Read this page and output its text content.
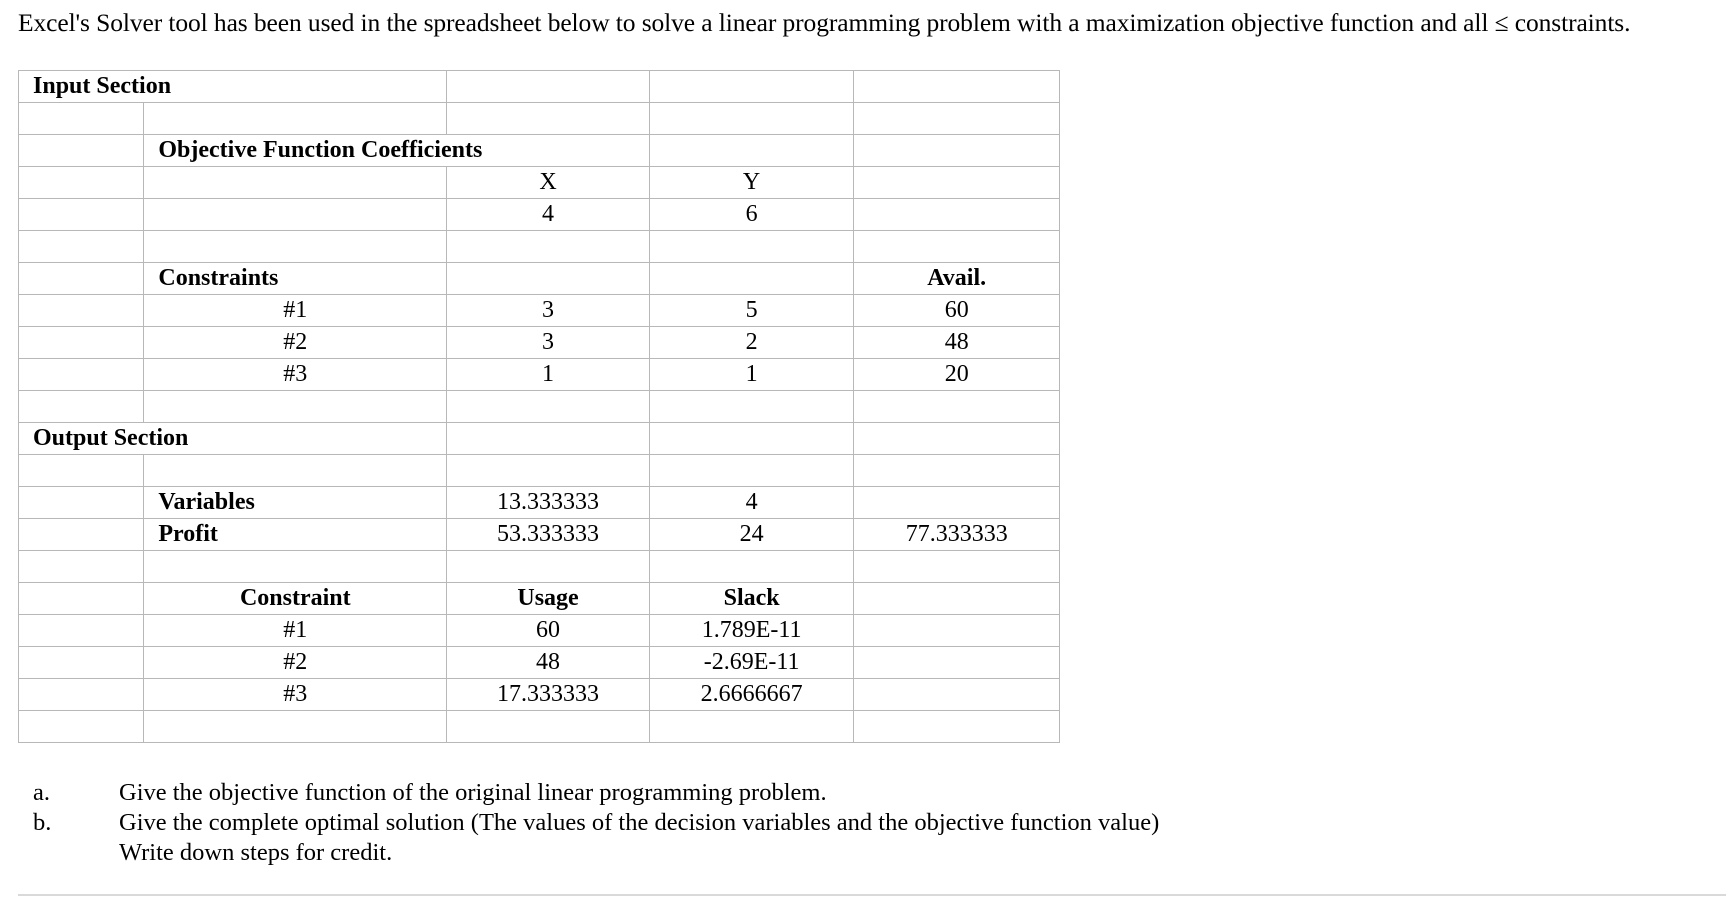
Excel's Solver tool has been used in the spreadsheet below to solve a linear programming problem with a maximization objective function and all ≤ constraints.
Input Section				

	Objective Function Coefficients			
		X	Y	
		4	6	

	Constraints			Avail.
	#1	3	5	60
	#2	3	2	48
	#3	1	1	20

Output Section				

	Variables	13.333333	4	
	Profit	53.333333	24	77.333333

	Constraint	Usage	Slack	
	#1	60	1.789E-11	
	#2	48	-2.69E-11	
	#3	17.333333	2.6666667	

a.	Give the objective function of the original linear programming problem.
b.	Give the complete optimal solution (The values of the decision variables and the objective function value)
Write down steps for credit.
